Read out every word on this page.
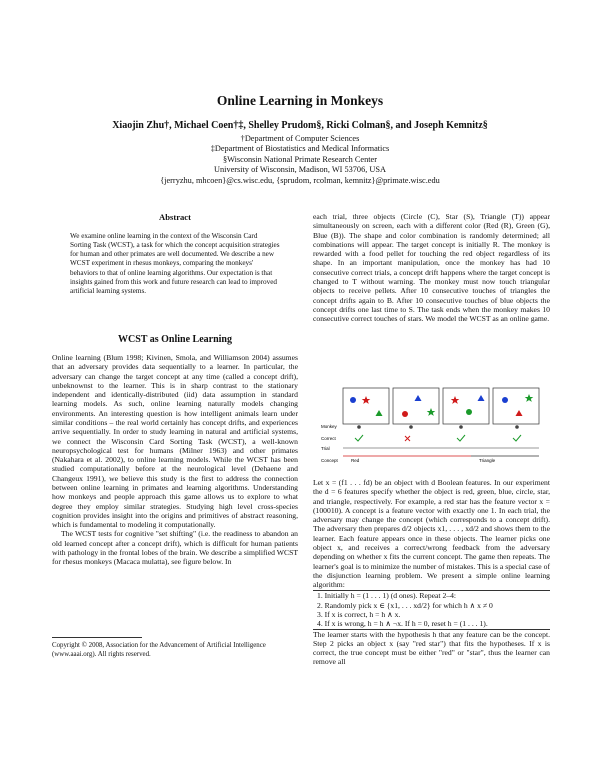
Online Learning in Monkeys
Xiaojin Zhu†, Michael Coen†‡, Shelley Prudom§, Ricki Colman§, and Joseph Kemnitz§
†Department of Computer Sciences
‡Department of Biostatistics and Medical Informatics
§Wisconsin National Primate Research Center
University of Wisconsin, Madison, WI 53706, USA
{jerryzhu, mhcoen}@cs.wisc.edu, {sprudom, rcolman, kemnitz}@primate.wisc.edu
Abstract
We examine online learning in the context of the Wisconsin Card Sorting Task (WCST), a task for which the concept acquisition strategies for human and other primates are well documented. We describe a new WCST experiment in rhesus monkeys, comparing the monkeys' behaviors to that of online learning algorithms. Our expectation is that insights gained from this work and future research can lead to improved artificial learning systems.
WCST as Online Learning

Online learning (Blum 1998; Kivinen, Smola, and Williamson 2004) assumes that an adversary provides data sequentially to a learner. In particular, the adversary can change the target concept at any time (called a concept drift), unbeknownst to the learner. This is in sharp contrast to the stationary independent and identically-distributed (iid) data assumption in standard learning models. As such, online learning naturally models changing environments. An interesting question is how intelligent animals learn under similar conditions – the real world certainly has concept drifts, and experiences arrive sequentially. In order to study learning in natural and artificial systems, we connect the Wisconsin Card Sorting Task (WCST), a well-known neuropsychological test for humans (Milner 1963) and other primates (Nakahara et al. 2002), to online learning models. While the WCST has been studied computationally before at the neurological level (Dehaene and Changeux 1991), we believe this study is the first to address the connection between online learning in primates and learning algorithms. Understanding how monkeys and people approach this game allows us to explore to what degree they employ similar strategies. Studying high level cross-species cognition provides insight into the origins and primitives of abstract reasoning, which is fundamental to modeling it computationally.

The WCST tests for cognitive "set shifting" (i.e. the readiness to abandon an old learned concept after a concept drift), which is difficult for human patients with pathology in the frontal lobes of the brain. We describe a simplified WCST for rhesus monkeys (Macaca mulatta), see figure below. In

Copyright © 2008, Association for the Advancement of Artificial Intelligence (www.aaai.org). All rights reserved.

each trial, three objects (Circle (C), Star (S), Triangle (T)) appear simultaneously on screen, each with a different color (Red (R), Green (G), Blue (B)). The shape and color combination is randomly determined; all combinations will appear. The target concept is initially R. The monkey is rewarded with a food pellet for touching the red object regardless of its shape. In an important manipulation, once the monkey has had 10 consecutive correct trials, a concept drift happens where the target concept is changed to T without warning. The monkey must now touch triangular objects to receive pellets. After 10 consecutive touches of triangles the concept drifts again to B. After 10 consecutive touches of blue objects the concept drifts one last time to S. The task ends when the monkey makes 10 consecutive correct touches of stars. We model the WCST as an online game.

Monkey
Correct
Trial
Concept	Red	Triangle

Let x = (f1 . . . fd) be an object with d Boolean features. In our experiment the d = 6 features specify whether the object is red, green, blue, circle, star, and triangle, respectively. For example, a red star has the feature vector x = (100010). A concept is a feature vector with exactly one 1. In each trial, the adversary may change the concept (which corresponds to a concept drift). The adversary then prepares d/2 objects x1, . . . , xd/2 and shows them to the learner. Each feature appears once in these objects. The learner picks one object x, and receives a correct/wrong feedback from the adversary depending on whether x fits the current concept. The game then repeats. The learner's goal is to minimize the number of mistakes. This is a special case of the disjunction learning problem. We present a simple online learning algorithm:

1. Initially h = (1 . . . 1) (d ones). Repeat 2–4:
2. Randomly pick x ∈ {x1, . . . xd/2} for which h ∧ x ≠ 0
3. If x is correct, h = h ∧ x.
4. If x is wrong, h = h ∧ ¬x. If h = 0, reset h = (1 . . . 1).

The learner starts with the hypothesis h that any feature can be the concept. Step 2 picks an object x (say "red star") that fits the hypotheses. If x is correct, the true concept must be either "red" or "star", thus the learner can remove all
